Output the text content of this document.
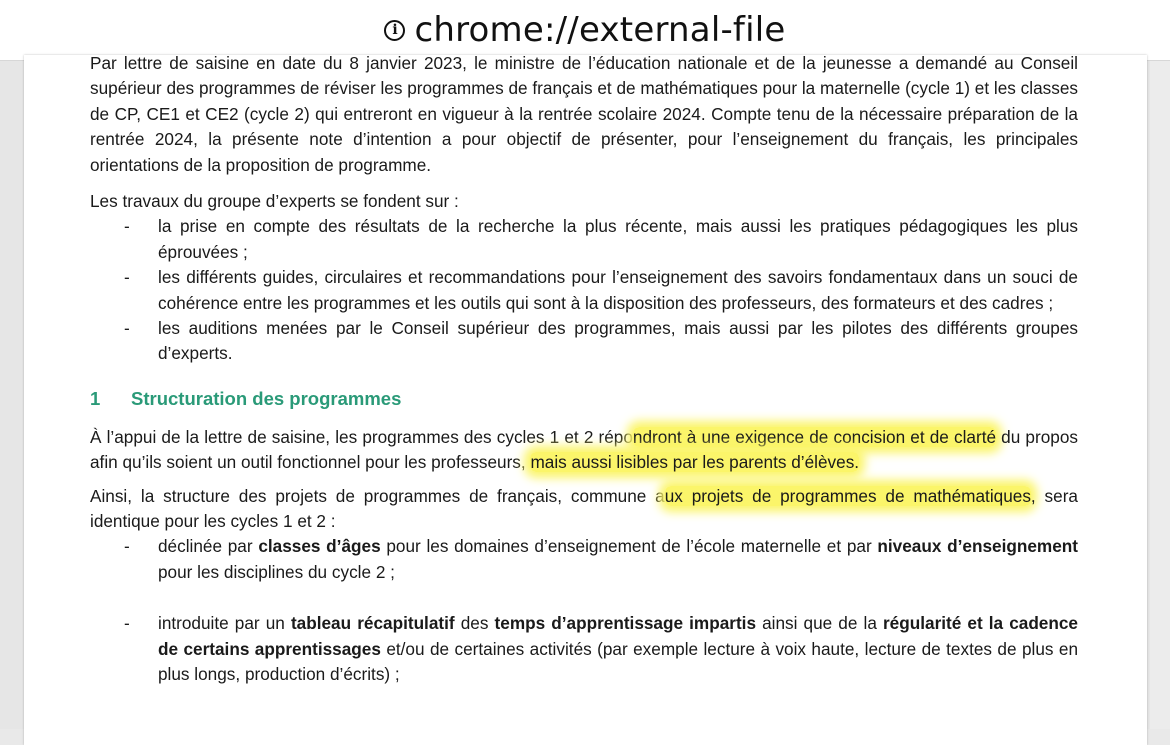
i chrome://external-file

Par lettre de saisine en date du 8 janvier 2023, le ministre de l’éducation nationale et de la jeunesse a demandé au Conseil supérieur des programmes de réviser les programmes de français et de mathématiques pour la maternelle (cycle 1) et les classes de CP, CE1 et CE2 (cycle 2) qui entreront en vigueur à la rentrée scolaire 2024. Compte tenu de la nécessaire préparation de la rentrée 2024, la présente note d’intention a pour objectif de présenter, pour l’enseignement du français, les principales orientations de la proposition de programme.

Les travaux du groupe d’experts se fondent sur :

- la prise en compte des résultats de la recherche la plus récente, mais aussi les pratiques pédagogiques les plus éprouvées ;
- les différents guides, circulaires et recommandations pour l’enseignement des savoirs fondamentaux dans un souci de cohérence entre les programmes et les outils qui sont à la disposition des professeurs, des formateurs et des cadres ;
- les auditions menées par le Conseil supérieur des programmes, mais aussi par les pilotes des différents groupes d’experts.
1 Structuration des programmes

À l’appui de la lettre de saisine, les programmes des cycles 1 et 2 répondront à une exigence de concision et de clarté du propos afin qu’ils soient un outil fonctionnel pour les professeurs, mais aussi lisibles par les parents d’élèves.

Ainsi, la structure des projets de programmes de français, commune aux projets de programmes de mathématiques, sera identique pour les cycles 1 et 2 :

- déclinée par classes d’âges pour les domaines d’enseignement de l’école maternelle et par niveaux d’enseignement pour les disciplines du cycle 2 ;
- introduite par un tableau récapitulatif des temps d’apprentissage impartis ainsi que de la régularité et la cadence de certains apprentissages et/ou de certaines activités (par exemple lecture à voix haute, lecture de textes de plus en plus longs, production d’écrits) ;
